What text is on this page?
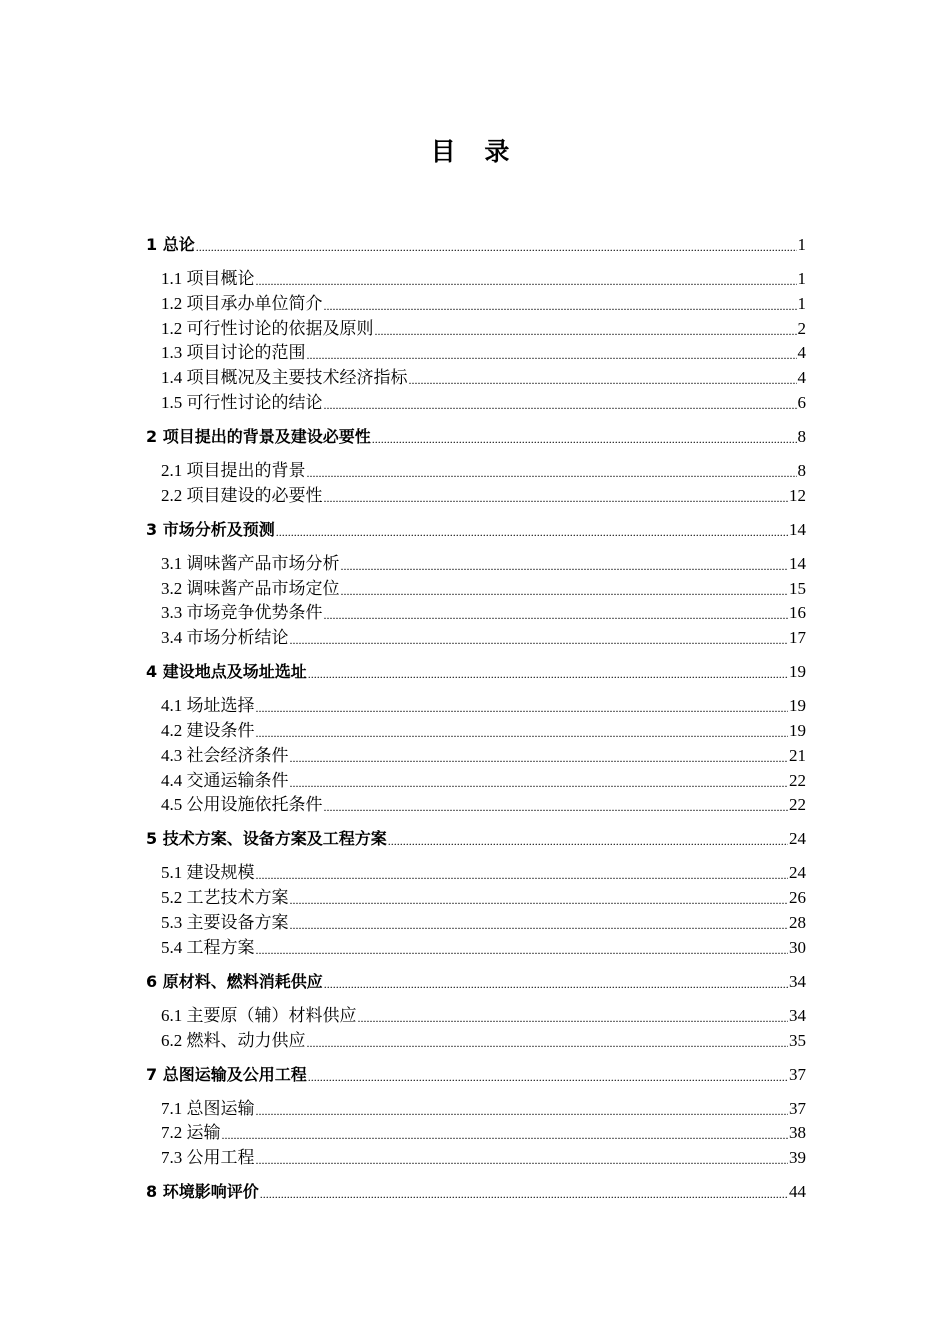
目 录
1 总论 .....	1
1.1 项目概论 .....	1
1.2 项目承办单位简介 .....	1
1.2 可行性讨论的依据及原则 .....	2
1.3 项目讨论的范围 .....	4
1.4 项目概况及主要技术经济指标 .....	4
1.5 可行性讨论的结论 .....	6
2 项目提出的背景及建设必要性 .....	8
2.1 项目提出的背景 .....	8
2.2 项目建设的必要性 .....	12
3 市场分析及预测 .....	14
3.1 调味酱产品市场分析 .....	14
3.2 调味酱产品市场定位 .....	15
3.3 市场竞争优势条件 .....	16
3.4 市场分析结论 .....	17
4 建设地点及场址选址 .....	19
4.1 场址选择 .....	19
4.2 建设条件 .....	19
4.3 社会经济条件 .....	21
4.4 交通运输条件 .....	22
4.5 公用设施依托条件 .....	22
5 技术方案、设备方案及工程方案 .....	24
5.1 建设规模 .....	24
5.2 工艺技术方案 .....	26
5.3 主要设备方案 .....	28
5.4 工程方案 .....	30
6 原材料、燃料消耗供应 .....	34
6.1 主要原（辅）材料供应 .....	34
6.2 燃料、动力供应 .....	35
7 总图运输及公用工程 .....	37
7.1 总图运输 .....	37
7.2 运输 .....	38
7.3 公用工程 .....	39
8 环境影响评价 .....	44
